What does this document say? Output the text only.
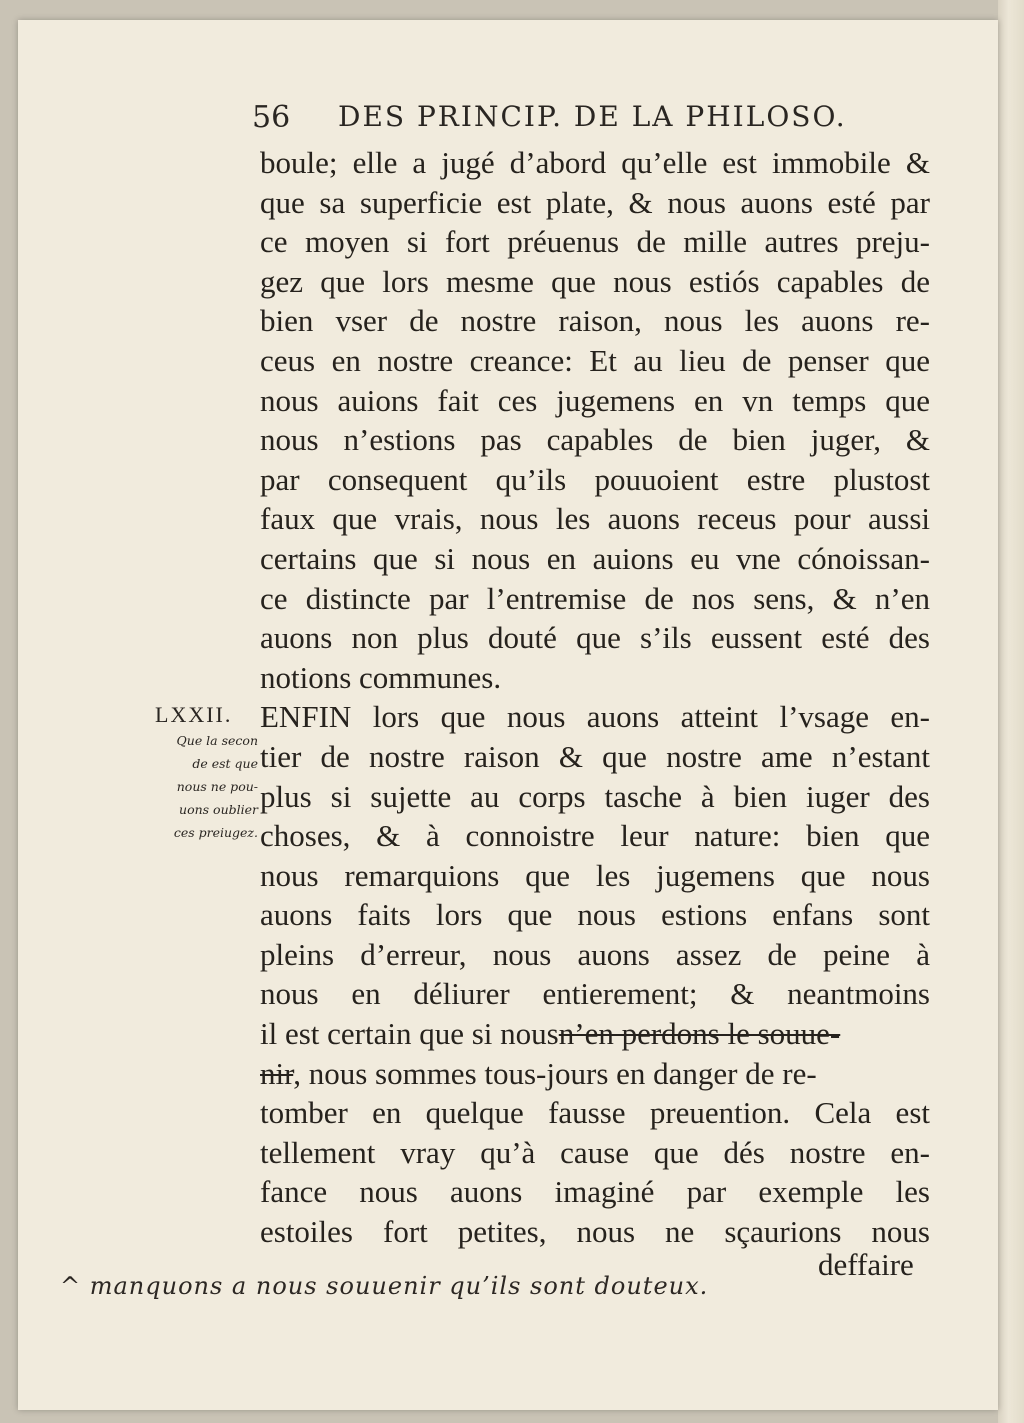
56 DES PRINCIP. DE LA PHILOSO.
boule; elle a jugé d’abord qu’elle est immobile &
que sa superficie est plate, & nous auons esté par
ce moyen si fort préuenus de mille autres preju-
gez que lors mesme que nous estiós capables de
bien vser de nostre raison, nous les auons re-
ceus en nostre creance: Et au lieu de penser que
nous auions fait ces jugemens en vn temps que
nous n’estions pas capables de bien juger, &
par consequent qu’ils pouuoient estre plustost
faux que vrais, nous les auons receus pour aussi
certains que si nous en auions eu vne cónoissan-
ce distincte par l’entremise de nos sens, & n’en
auons non plus douté que s’ils eussent esté des
notions communes.
ENFIN lors que nous auons atteint l’vsage en-
tier de nostre raison & que nostre ame n’estant
plus si sujette au corps tasche à bien iuger des
choses, & à connoistre leur nature: bien que
nous remarquions que les jugemens que nous
auons faits lors que nous estions enfans sont
pleins d’erreur, nous auons assez de peine à
nous en déliurer entierement; & neantmoins
il est certain que si nousn’en perdons le souue-
nir, nous sommes tous-jours en danger de re-
tomber en quelque fausse preuention. Cela est
tellement vray qu’à cause que dés nostre en-
fance nous auons imaginé par exemple les
estoiles fort petites, nous ne sçaurions nous
LXXII.
Que la secon
de est que
nous ne pou-
uons oublier
ces preiugez.
deffaire
^ manquons a nous souuenir qu’ils sont douteux.
